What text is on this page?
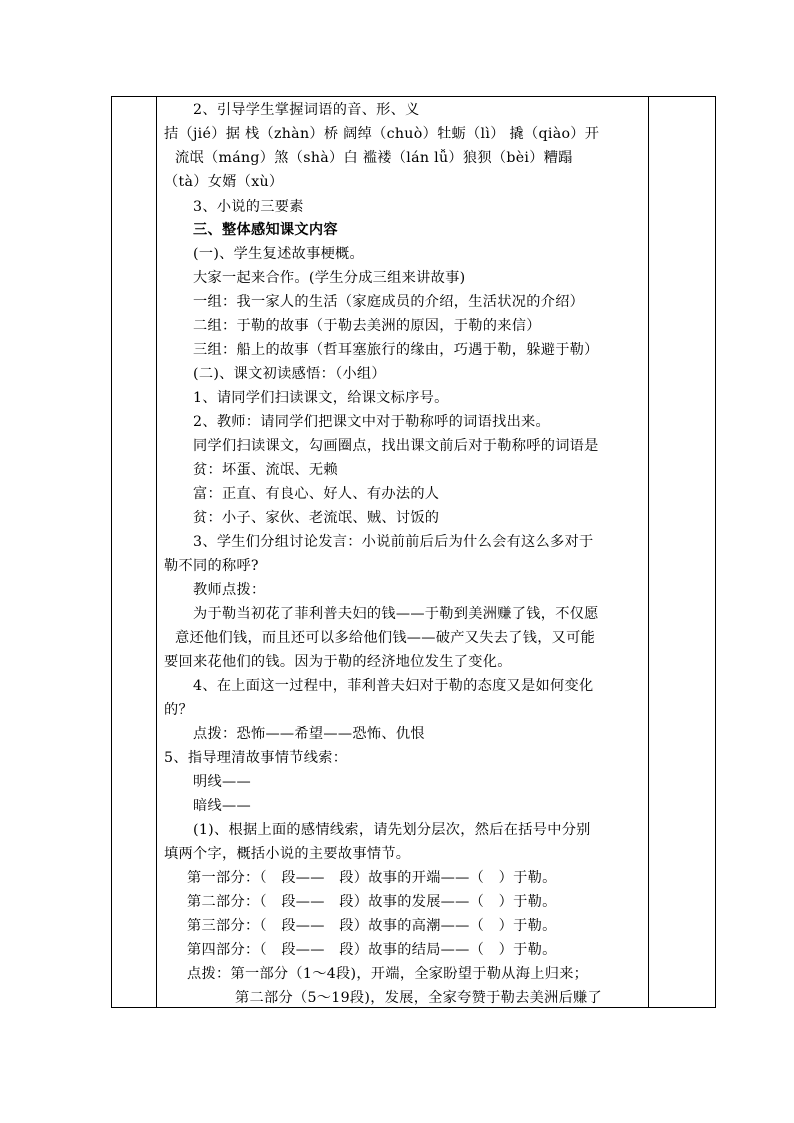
2、引导学生掌握词语的音、形、义
拮（jié）据 栈（zhàn）桥 阔绰（chuò）牡蛎（lì） 撬（qiào）开
流氓（máng）煞（shà）白 褴褛（lán lǚ）狼狈（bèi）糟蹋
（tà）女婿（xù）
3、小说的三要素
三、整体感知课文内容
(一)、学生复述故事梗概。
大家一起来合作。(学生分成三组来讲故事)
一组：我一家人的生活（家庭成员的介绍，生活状况的介绍）
二组：于勒的故事（于勒去美洲的原因，于勒的来信）
三组：船上的故事（哲耳塞旅行的缘由，巧遇于勒，躲避于勒）
(二)、课文初读感悟：（小组）
1、请同学们扫读课文，给课文标序号。
2、教师：请同学们把课文中对于勒称呼的词语找出来。
同学们扫读课文，勾画圈点，找出课文前后对于勒称呼的词语是
贫：坏蛋、流氓、无赖
富：正直、有良心、好人、有办法的人
贫：小子、家伙、老流氓、贼、讨饭的
3、学生们分组讨论发言：小说前前后后为什么会有这么多对于
勒不同的称呼?
教师点拨：
为于勒当初花了菲利普夫妇的钱——于勒到美洲赚了钱，不仅愿
意还他们钱，而且还可以多给他们钱——破产又失去了钱，又可能
要回来花他们的钱。因为于勒的经济地位发生了变化。
4、在上面这一过程中，菲利普夫妇对于勒的态度又是如何变化
的？
点拨：恐怖——希望——恐怖、仇恨
5、指导理清故事情节线索：
明线——
暗线——
(1)、根据上面的感情线索，请先划分层次，然后在括号中分别
填两个字，概括小说的主要故事情节。
第一部分：（　段——　段）故事的开端——（　）于勒。
第二部分：（　段——　段）故事的发展——（　）于勒。
第三部分：（　段——　段）故事的高潮——（　）于勒。
第四部分：（　段——　段）故事的结局——（　）于勒。
点拨：第一部分（1～4段)，开端，全家盼望于勒从海上归来；
第二部分（5～19段)，发展，全家夸赞于勒去美洲后赚了
